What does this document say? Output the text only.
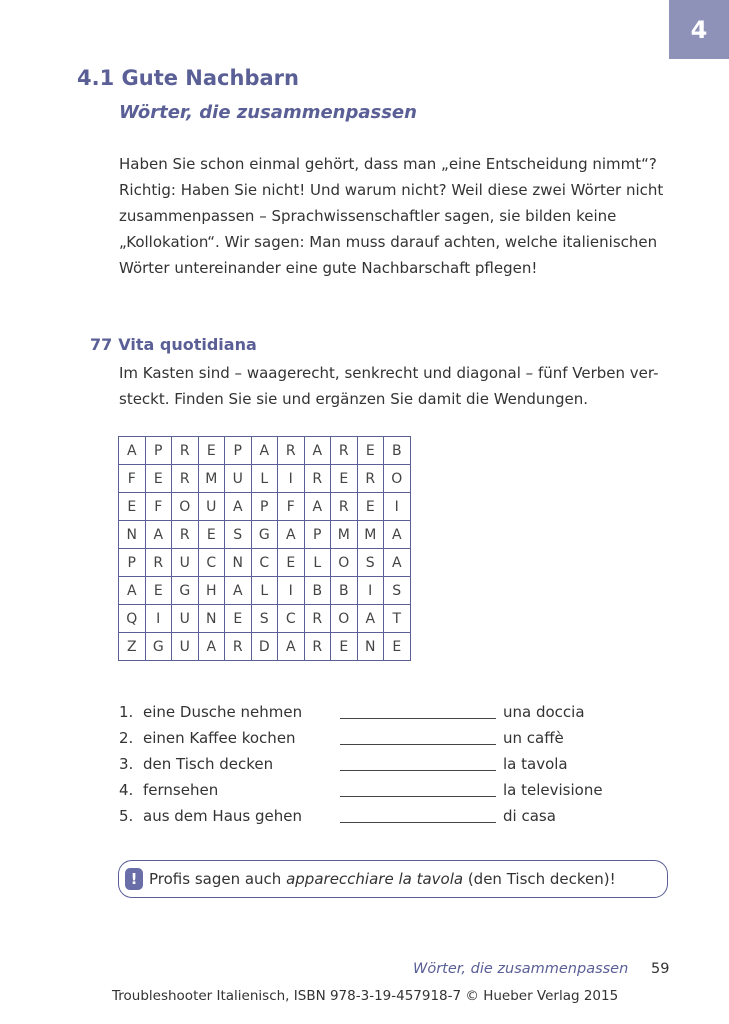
4
4.1 Gute Nachbarn
Wörter, die zusammenpassen
Haben Sie schon einmal gehört, dass man „eine Entscheidung nimmt“?
Richtig: Haben Sie nicht! Und warum nicht? Weil diese zwei Wörter nicht
zusammenpassen – Sprachwissenschaftler sagen, sie bilden keine
„Kollokation“. Wir sagen: Man muss darauf achten, welche italienischen
Wörter untereinander eine gute Nachbarschaft pflegen!
77 Vita quotidiana
Im Kasten sind – waagerecht, senkrecht und diagonal – fünf Verben ver-
steckt. Finden Sie sie und ergänzen Sie damit die Wendungen.
A	P	R	E	P	A	R	A	R	E	B
F	E	R	M	U	L	I	R	E	R	O
E	F	O	U	A	P	F	A	R	E	I
N	A	R	E	S	G	A	P	M	M	A
P	R	U	C	N	C	E	L	O	S	A
A	E	G	H	A	L	I	B	B	I	S
Q	I	U	N	E	S	C	R	O	A	T
Z	G	U	A	R	D	A	R	E	N	E
1. eine Dusche nehmen	una doccia
2. einen Kaffee kochen	un caffè
3. den Tisch decken	la tavola
4. fernsehen	la televisione
5. aus dem Haus gehen	di casa
! Profis sagen auch apparecchiare la tavola (den Tisch decken)!
Wörter, die zusammenpassen 59
Troubleshooter Italienisch, ISBN 978-3-19-457918-7 © Hueber Verlag 2015
